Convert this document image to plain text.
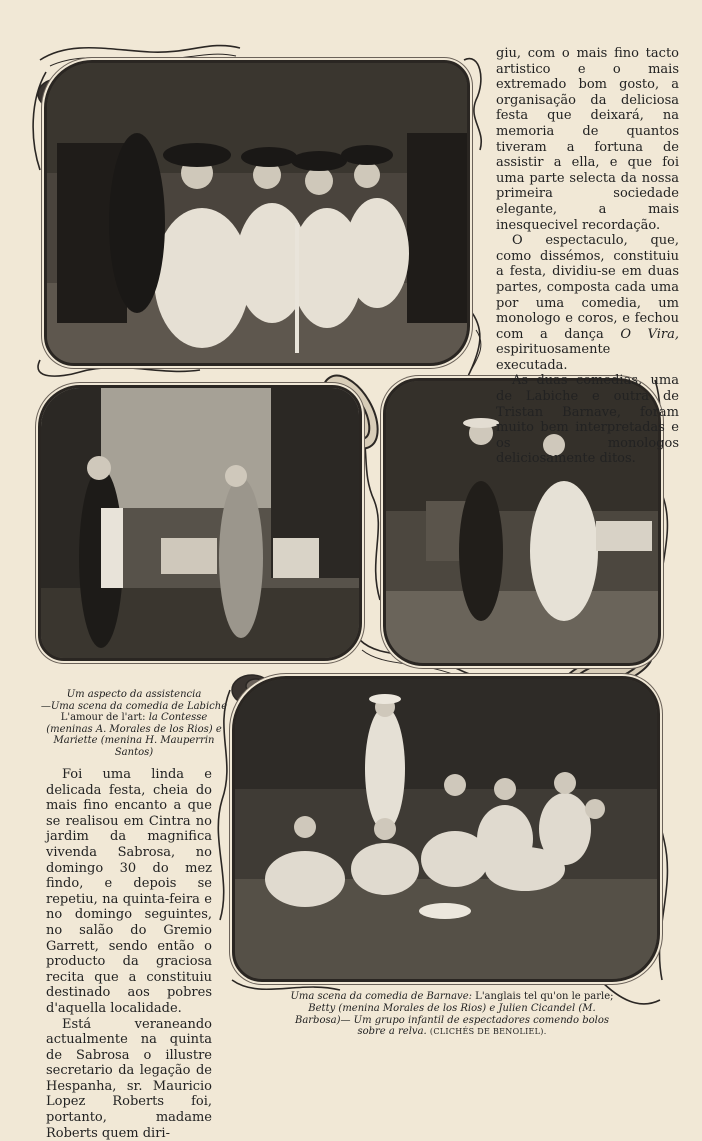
giu, com o mais fino tacto artistico e o mais extremado bom gosto, a organisação da deliciosa festa que deixará, na memoria de quantos tiveram a fortuna de assistir a ella, e que foi uma parte selecta da nossa primeira sociedade elegante, a mais inesquecivel recordação.

O espectaculo, que, como dissémos, constituiu a festa, dividiu-se em duas partes, composta cada uma por uma comedia, um monologo e coros, e fechou com a dança O Vira, espirituosamente executada.

As duas comedias, uma de Labiche e outra de Tristan Barnave, foram muito bem interpretadas e os monologos deliciosamente ditos.

Um aspecto da assistencia
—Uma scena da comedia de Labiche
L'amour de l'art: la Contesse (meninas A. Morales de los Rios) e Mariette (menina H. Mauperrin Santos)

Foi uma linda e delicada festa, cheia do mais fino encanto a que se realisou em Cintra no jardim da magnifica vivenda Sabrosa, no domingo 30 do mez findo, e depois se repetiu, na quinta-feira e no domingo seguintes, no salão do Gremio Garrett, sendo então o producto da graciosa recita que a constituiu destinado aos pobres d'aquella localidade.

Está veraneando actualmente na quinta de Sabrosa o illustre secretario da legação de Hespanha, sr. Mauricio Lopez Roberts foi, portanto, madame Roberts quem diri-

Uma scena da comedia de Barnave: L'anglais tel qu'on le parle; Betty (menina Morales de los Rios) e Julien Cicandel (M. Barbosa)— Um grupo infantil de espectadores comendo bolos sobre a relva. (CLICHÉS DE BENOLIEL).
